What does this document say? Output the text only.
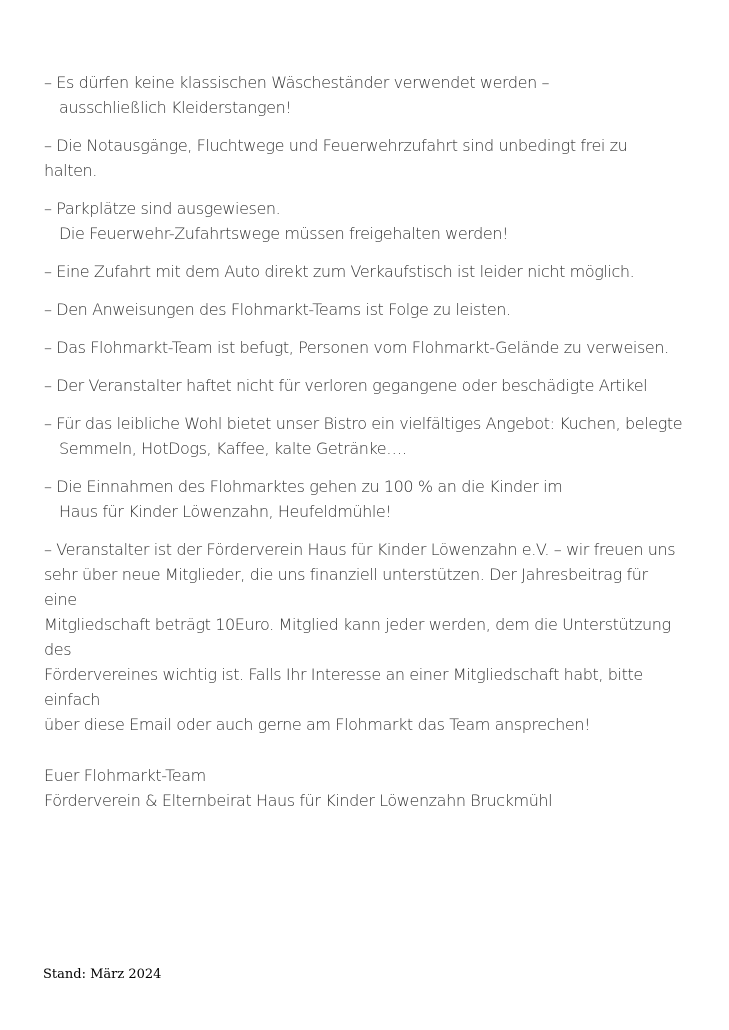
– Es dürfen keine klassischen Wäscheständer verwendet werden –

ausschließlich Kleiderstangen!

– Die Notausgänge, Fluchtwege und Feuerwehrzufahrt sind unbedingt frei zu halten.

– Parkplätze sind ausgewiesen.

Die Feuerwehr-Zufahrtswege müssen freigehalten werden!

– Eine Zufahrt mit dem Auto direkt zum Verkaufstisch ist leider nicht möglich.

– Den Anweisungen des Flohmarkt-Teams ist Folge zu leisten.

– Das Flohmarkt-Team ist befugt, Personen vom Flohmarkt-Gelände zu verweisen.

– Der Veranstalter haftet nicht für verloren gegangene oder beschädigte Artikel

– Für das leibliche Wohl bietet unser Bistro ein vielfältiges Angebot: Kuchen, belegte

Semmeln, HotDogs, Kaffee, kalte Getränke….

– Die Einnahmen des Flohmarktes gehen zu 100 % an die Kinder im

Haus für Kinder Löwenzahn, Heufeldmühle!

– Veranstalter ist der Förderverein Haus für Kinder Löwenzahn e.V. – wir freuen uns

sehr über neue Mitglieder, die uns finanziell unterstützen. Der Jahresbeitrag für eine

Mitgliedschaft beträgt 10Euro. Mitglied kann jeder werden, dem die Unterstützung des

Fördervereines wichtig ist. Falls Ihr Interesse an einer Mitgliedschaft habt, bitte einfach

über diese Email oder auch gerne am Flohmarkt das Team ansprechen!

Euer Flohmarkt-Team

Förderverein & Elternbeirat Haus für Kinder Löwenzahn Bruckmühl

Stand: März 2024
